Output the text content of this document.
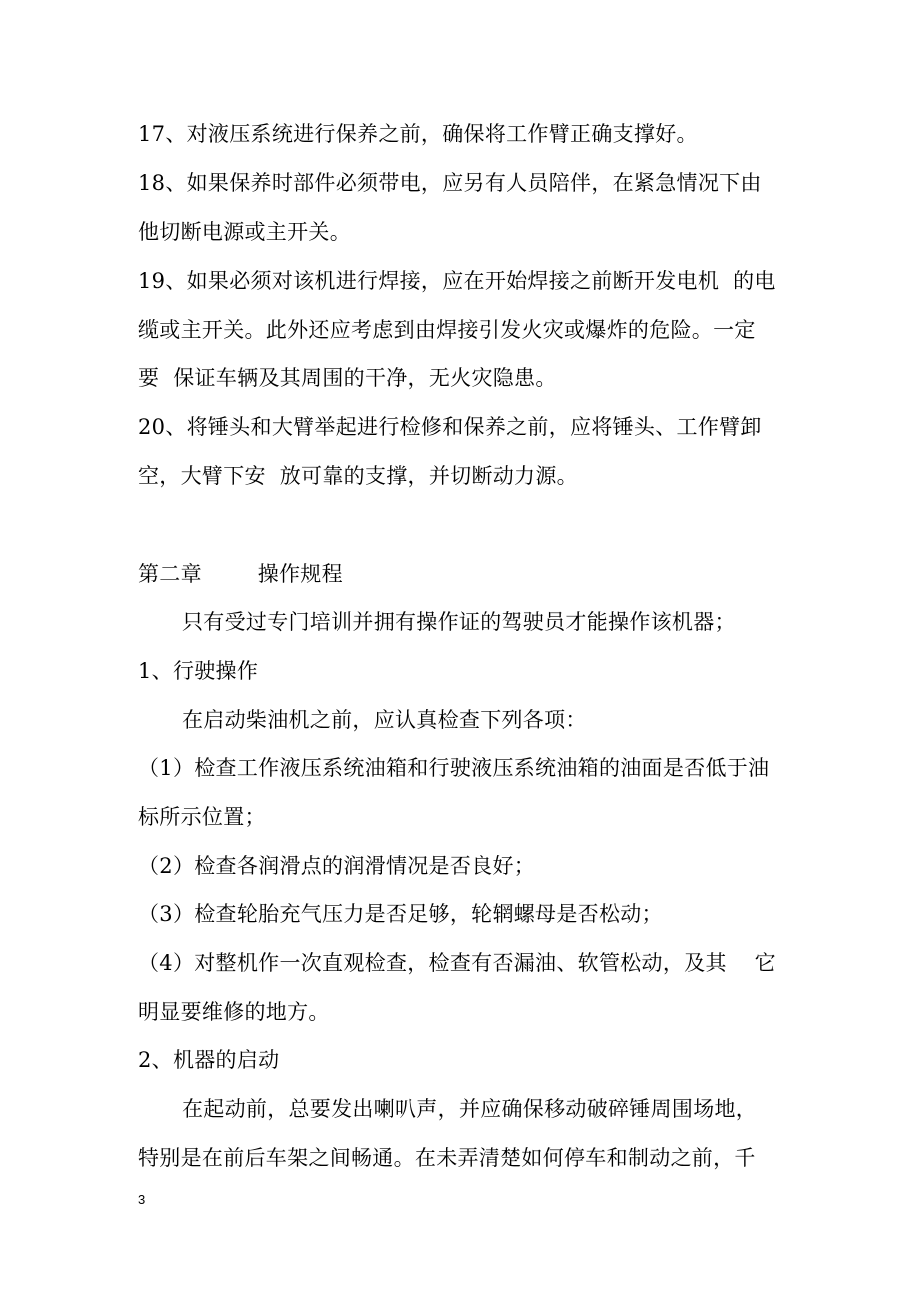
17、对液压系统进行保养之前，确保将工作臂正确支撑好。
18、如果保养时部件必须带电，应另有人员陪伴，在紧急情况下由
他切断电源或主开关。
19、如果必须对该机进行焊接，应在开始焊接之前断开发电机  的电
缆或主开关。此外还应考虑到由焊接引发火灾或爆炸的危险。一定
要  保证车辆及其周围的干净，无火灾隐患。
20、将锤头和大臂举起进行检修和保养之前，应将锤头、工作臂卸
空，大臂下安  放可靠的支撑，并切断动力源。
第二章        操作规程
只有受过专门培训并拥有操作证的驾驶员才能操作该机器；
1、行驶操作
在启动柴油机之前，应认真检查下列各项：
（1）检查工作液压系统油箱和行驶液压系统油箱的油面是否低于油
标所示位置；
（2）检查各润滑点的润滑情况是否良好；
（3）检查轮胎充气压力是否足够，轮辋螺母是否松动；
（4）对整机作一次直观检查，检查有否漏油、软管松动，及其    它
明显要维修的地方。
2、机器的启动
在起动前，总要发出喇叭声，并应确保移动破碎锤周围场地，
特别是在前后车架之间畅通。在未弄清楚如何停车和制动之前，千
3
